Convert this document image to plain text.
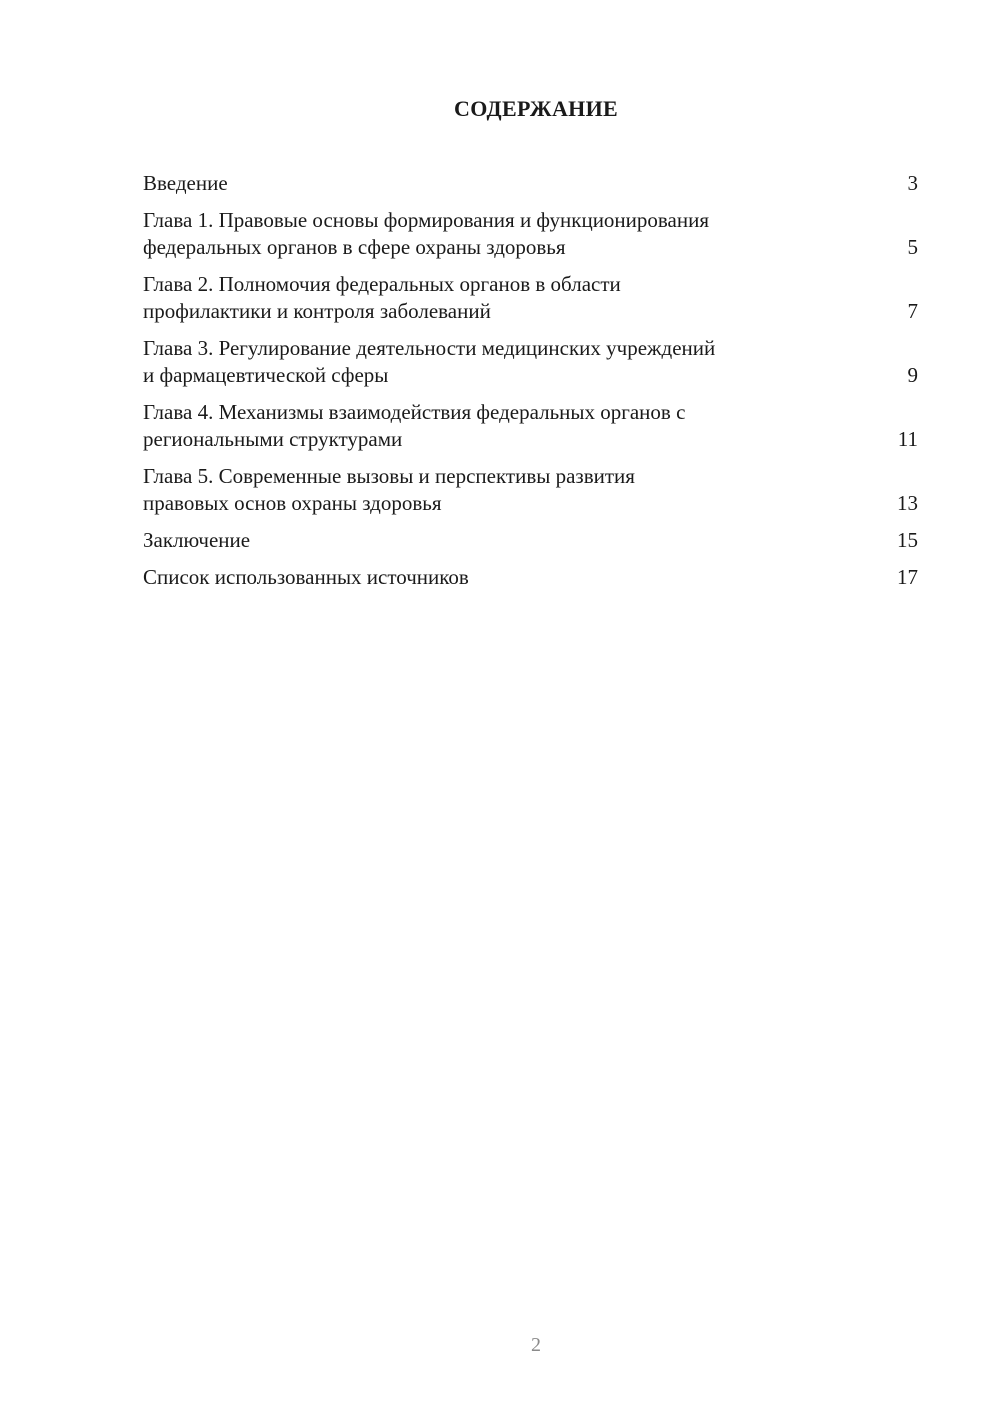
СОДЕРЖАНИЕ
Введение	3
Глава 1. Правовые основы формирования и функционирования
федеральных органов в сфере охраны здоровья	5
Глава 2. Полномочия федеральных органов в области
профилактики и контроля заболеваний	7
Глава 3. Регулирование деятельности медицинских учреждений
и фармацевтической сферы	9
Глава 4. Механизмы взаимодействия федеральных органов с
региональными структурами	11
Глава 5. Современные вызовы и перспективы развития
правовых основ охраны здоровья	13
Заключение	15
Список использованных источников	17
2
